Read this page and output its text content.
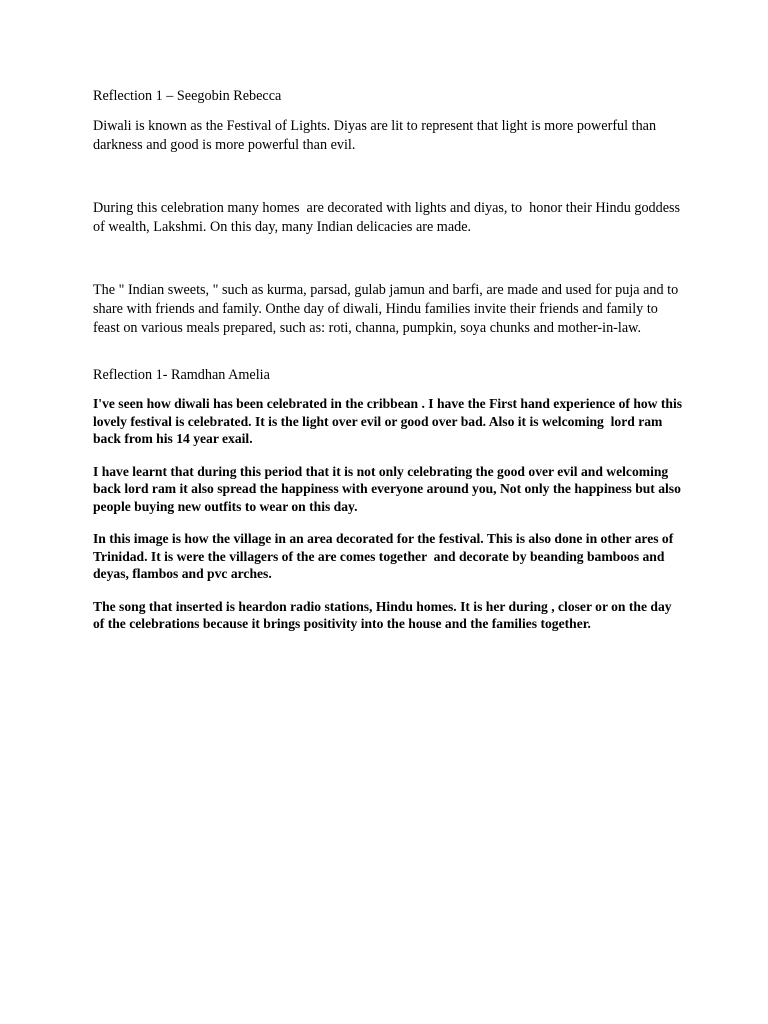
Reflection 1 – Seegobin Rebecca

Diwali is known as the Festival of Lights. Diyas are lit to represent that light is more powerful than darkness and good is more powerful than evil.

During this celebration many homes  are decorated with lights and diyas, to  honor their Hindu goddess of wealth, Lakshmi. On this day, many Indian delicacies are made.

The " Indian sweets, " such as kurma, parsad, gulab jamun and barfi, are made and used for puja and to share with friends and family. Onthe day of diwali, Hindu families invite their friends and family to feast on various meals prepared, such as: roti, channa, pumpkin, soya chunks and mother-in-law.

Reflection 1- Ramdhan Amelia

I've seen how diwali has been celebrated in the cribbean . I have the First hand experience of how this lovely festival is celebrated. It is the light over evil or good over bad. Also it is welcoming  lord ram back from his 14 year exail.

I have learnt that during this period that it is not only celebrating the good over evil and welcoming back lord ram it also spread the happiness with everyone around you, Not only the happiness but also people buying new outfits to wear on this day.

In this image is how the village in an area decorated for the festival. This is also done in other ares of Trinidad. It is were the villagers of the are comes together  and decorate by beanding bamboos and deyas, flambos and pvc arches.

The song that inserted is heardon radio stations, Hindu homes. It is her during , closer or on the day of the celebrations because it brings positivity into the house and the families together.
